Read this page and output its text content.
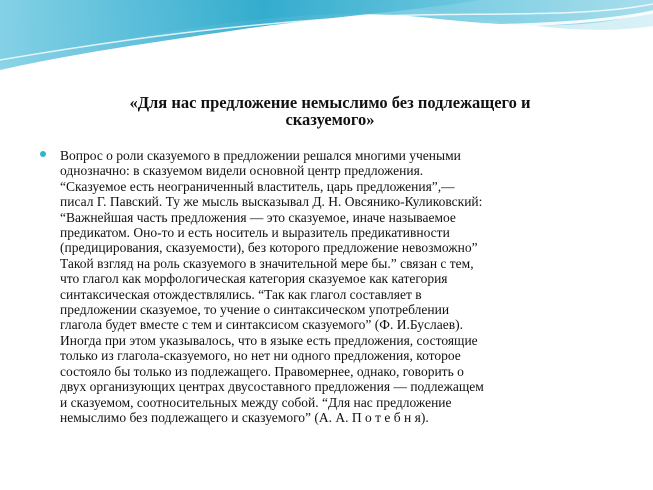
«Для нас предложение немыслимо без подлежащего и
сказуемого»

Вопрос о роли сказуемого в предложении решался многими учеными
однозначно: в сказуемом видели основной центр предложения.
“Сказуемое есть неограниченный властитель, царь предложения”,—
писал Г. Павский. Ту же мысль высказывал Д. Н. Овсянико-Куликовский:
“Важнейшая часть предложения — это сказуемое, иначе называемое
предикатом. Оно-то и есть носитель и выразитель предикативности
(предицирования, сказуемости), без которого предложение невозможно”
Такой взгляд на роль сказуемого в значительной мере бы.” связан с тем,
что глагол как морфологическая категория сказуемое как категория
синтаксическая отождествлялись. “Так как глагол составляет в
предложении сказуемое, то учение о синтаксическом употреблении
глагола будет вместе с тем и синтаксисом сказуемого” (Ф. И.Буслаев).
Иногда при этом указывалось, что в языке есть предложения, состоящие
только из глагола-сказуемого, но нет ни одного предложения, которое
состояло бы только из подлежащего. Правомернее, однако, говорить о
двух организующих центрах двусоставного предложения — подлежащем
и сказуемом, соотносительных между собой. “Для нас предложение
немыслимо без подлежащего и сказуемого” (А. А. П о т е б н я).
